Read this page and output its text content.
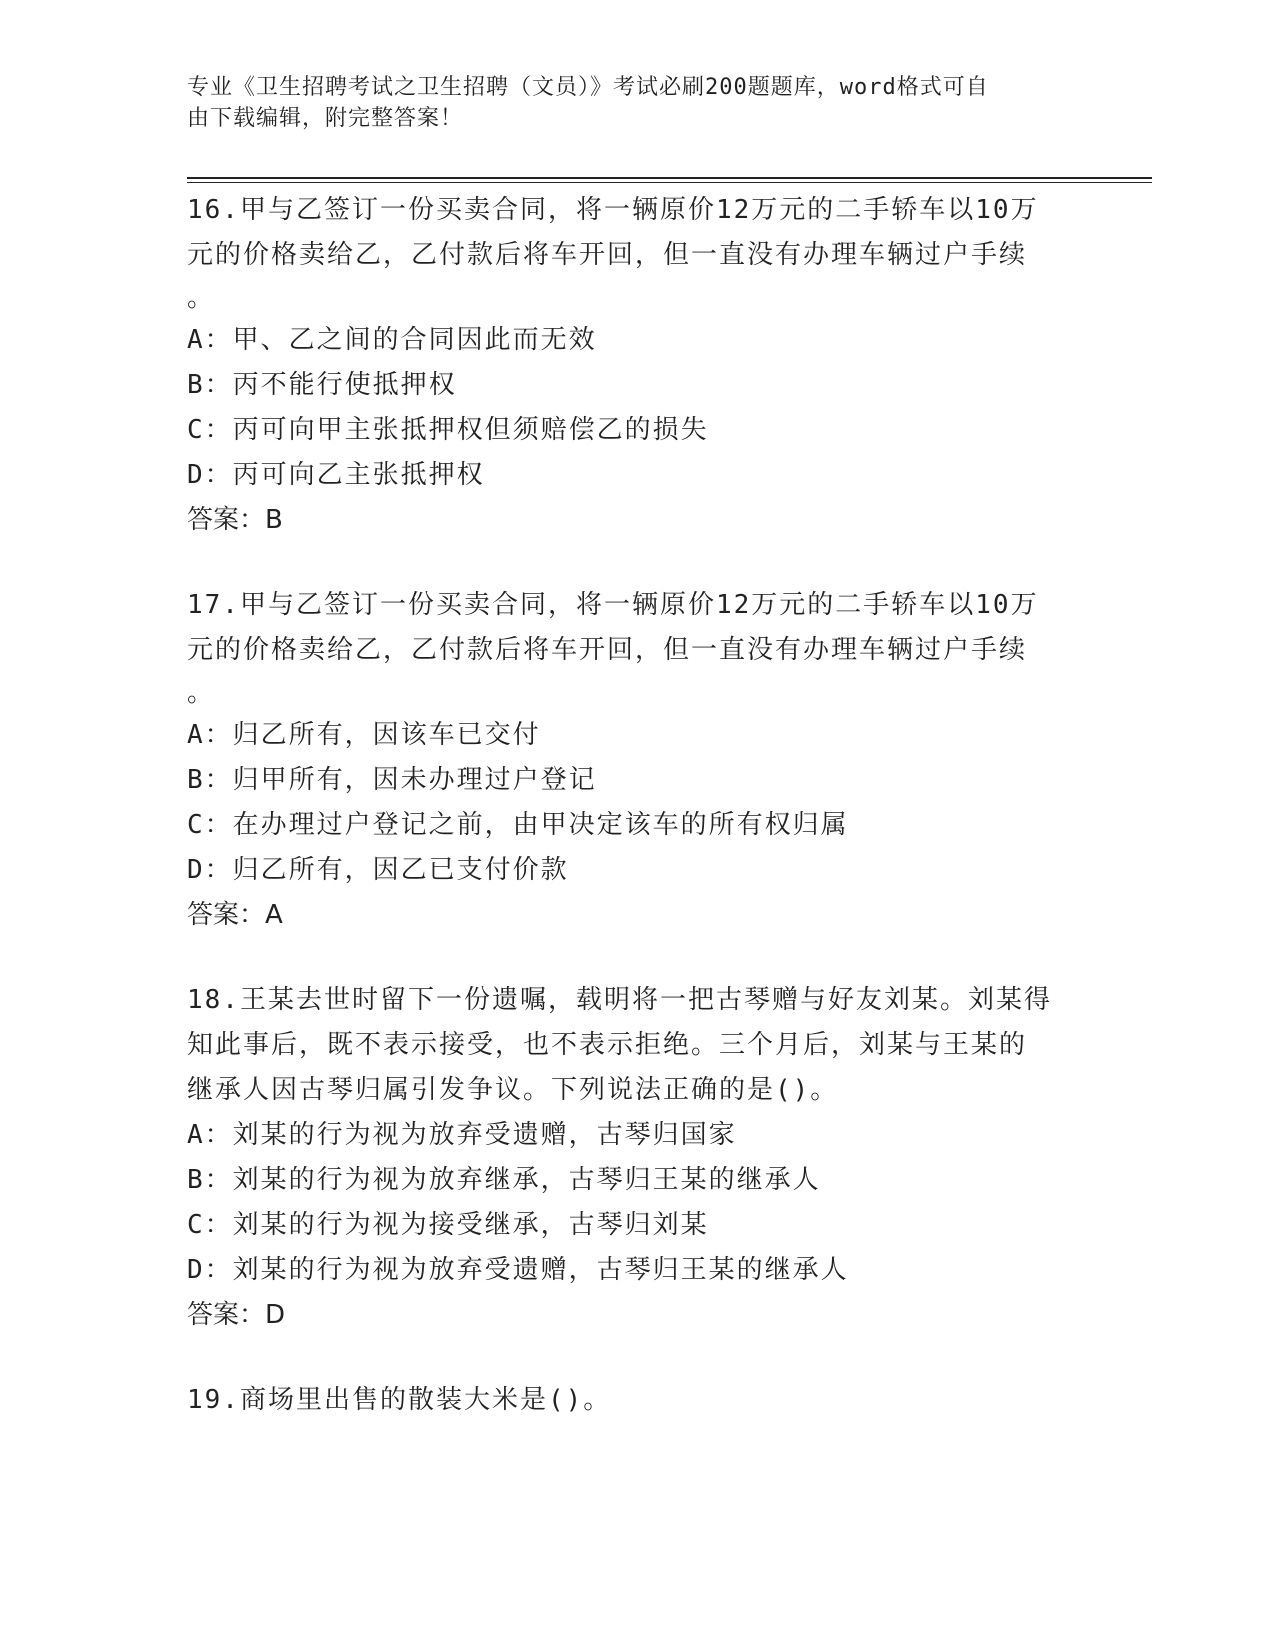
专业《卫生招聘考试之卫生招聘（文员）》考试必刷200题题库，word格式可自
由下载编辑，附完整答案！

16.甲与乙签订一份买卖合同，将一辆原价12万元的二手轿车以10万

元的价格卖给乙，乙付款后将车开回，但一直没有办理车辆过户手续

。

A：甲、乙之间的合同因此而无效

B：丙不能行使抵押权

C：丙可向甲主张抵押权但须赔偿乙的损失

D：丙可向乙主张抵押权

答案：B

17.甲与乙签订一份买卖合同，将一辆原价12万元的二手轿车以10万

元的价格卖给乙，乙付款后将车开回，但一直没有办理车辆过户手续

。

A：归乙所有，因该车已交付

B：归甲所有，因未办理过户登记

C：在办理过户登记之前，由甲决定该车的所有权归属

D：归乙所有，因乙已支付价款

答案：A

18.王某去世时留下一份遗嘱，载明将一把古琴赠与好友刘某。刘某得

知此事后，既不表示接受，也不表示拒绝。三个月后，刘某与王某的

继承人因古琴归属引发争议。下列说法正确的是()。

A：刘某的行为视为放弃受遗赠，古琴归国家

B：刘某的行为视为放弃继承，古琴归王某的继承人

C：刘某的行为视为接受继承，古琴归刘某

D：刘某的行为视为放弃受遗赠，古琴归王某的继承人

答案：D

19.商场里出售的散装大米是()。
